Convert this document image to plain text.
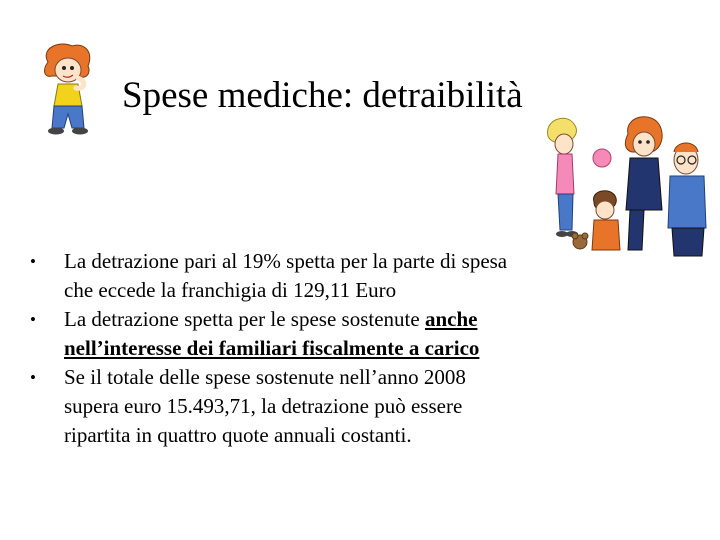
Spese mediche: detraibilità
•	La detrazione pari al 19% spetta per la parte di spesa
che eccede la franchigia di 129,11 Euro
•	La detrazione spetta per le spese sostenute anche
nell’interesse dei familiari fiscalmente a carico
•	Se il totale delle spese sostenute nell’anno 2008
supera euro 15.493,71, la detrazione può essere
ripartita in quattro quote annuali costanti.
